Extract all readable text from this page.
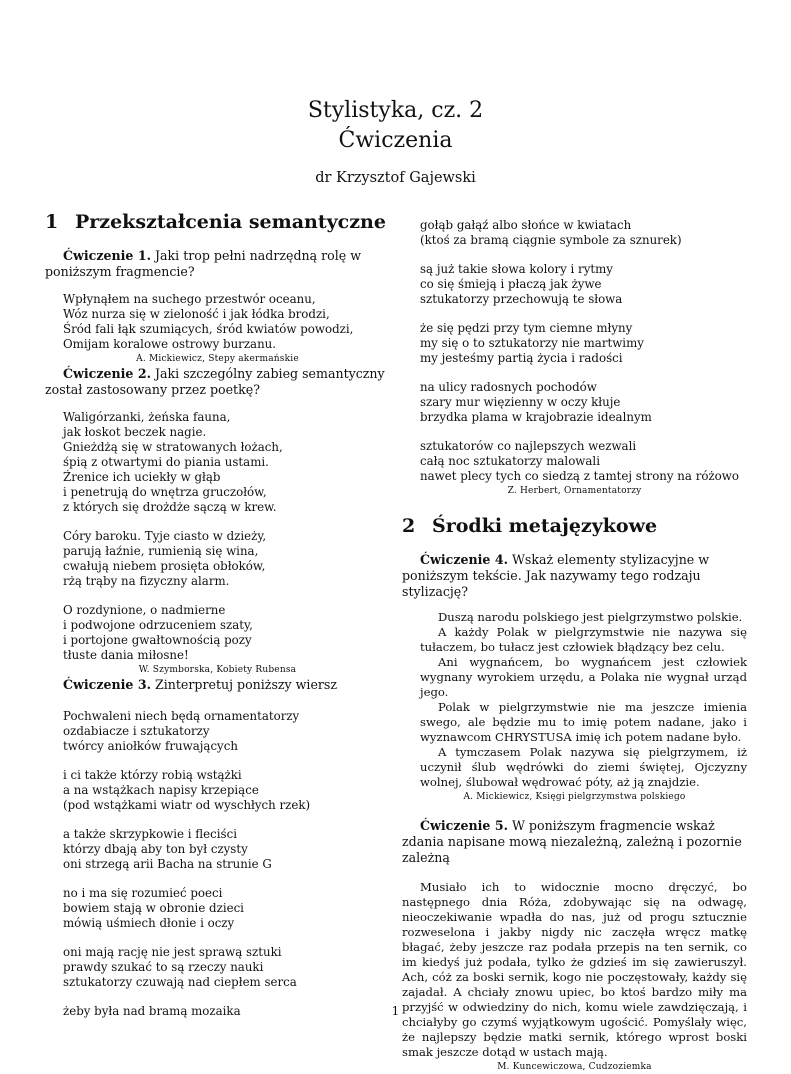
Stylistyka, cz. 2
Ćwiczenia
dr Krzysztof Gajewski
1 Przekształcenia semantyczne

Ćwiczenie 1. Jaki trop pełni nadrzędną rolę w poniższym fragmencie?

Wpłynąłem na suchego przestwór oceanu,
Wóz nurza się w zieloność i jak łódka brodzi,
Śród fali łąk szumiących, śród kwiatów powodzi,
Omijam koralowe ostrowy burzanu.
A. Mickiewicz, Stepy akermańskie

Ćwiczenie 2. Jaki szczególny zabieg semantyczny został zastosowany przez poetkę?

Waligórzanki, żeńska fauna,
jak łoskot beczek nagie.
Gnieżdżą się w stratowanych łożach,
śpią z otwartymi do piania ustami.
Źrenice ich uciekły w głąb
i penetrują do wnętrza gruczołów,
z których się drożdże sączą w krew.
Córy baroku. Tyje ciasto w dzieży,
parują łaźnie, rumienią się wina,
cwałują niebem prosięta obłoków,
rżą trąby na fizyczny alarm.
O rozdynione, o nadmierne
i podwojone odrzuceniem szaty,
i portojone gwałtownością pozy
tłuste dania miłosne!
W. Szymborska, Kobiety Rubensa

Ćwiczenie 3. Zinterpretuj poniższy wiersz

Pochwaleni niech będą ornamentatorzy
ozdabiacze i sztukatorzy
twórcy aniołków fruwających
i ci także którzy robią wstążki
a na wstążkach napisy krzepiące
(pod wstążkami wiatr od wyschłych rzek)
a także skrzypkowie i fleciści
którzy dbają aby ton był czysty
oni strzegą arii Bacha na strunie G
no i ma się rozumieć poeci
bowiem stają w obronie dzieci
mówią uśmiech dłonie i oczy
oni mają rację nie jest sprawą sztuki
prawdy szukać to są rzeczy nauki
sztukatorzy czuwają nad ciepłem serca
żeby była nad bramą mozaika
gołąb gałąź albo słońce w kwiatach
(ktoś za bramą ciągnie symbole za sznurek)
są już takie słowa kolory i rytmy
co się śmieją i płaczą jak żywe
sztukatorzy przechowują te słowa
że się pędzi przy tym ciemne młyny
my się o to sztukatorzy nie martwimy
my jesteśmy partią życia i radości
na ulicy radosnych pochodów
szary mur więzienny w oczy kłuje
brzydka plama w krajobrazie idealnym
sztukatorów co najlepszych wezwali
całą noc sztukatorzy malowali
nawet plecy tych co siedzą z tamtej strony na różowo
Z. Herbert, Ornamentatorzy
2 Środki metajęzykowe

Ćwiczenie 4. Wskaż elementy stylizacyjne w poniższym tekście. Jak nazywamy tego rodzaju stylizację?

Duszą narodu polskiego jest pielgrzymstwo polskie.

A każdy Polak w pielgrzymstwie nie nazywa się tułaczem, bo tułacz jest człowiek błądzący bez celu.

Ani wygnańcem, bo wygnańcem jest człowiek wygnany wyrokiem urzędu, a Polaka nie wygnał urząd jego.

Polak w pielgrzymstwie nie ma jeszcze imienia swego, ale będzie mu to imię potem nadane, jako i wyznawcom CHRYSTUSA imię ich potem nadane było.

A tymczasem Polak nazywa się pielgrzymem, iż uczynił ślub wędrówki do ziemi świętej, Ojczyzny wolnej, ślubował wędrować póty, aż ją znajdzie.

A. Mickiewicz, Księgi pielgrzymstwa polskiego

Ćwiczenie 5. W poniższym fragmencie wskaż zdania napisane mową niezależną, zależną i pozornie zależną

Musiało ich to widocznie mocno dręczyć, bo następnego dnia Róża, zdobywając się na odwagę, nieoczekiwanie wpadła do nas, już od progu sztucznie rozweselona i jakby nigdy nic zaczęła wręcz matkę błagać, żeby jeszcze raz podała przepis na ten sernik, co im kiedyś już podała, tylko że gdzieś im się zawieruszył. Ach, cóż za boski sernik, kogo nie poczęstowały, każdy się zajadał. A chciały znowu upiec, bo ktoś bardzo miły ma przyjść w odwiedziny do nich, komu wiele zawdzięczają, i chciałyby go czymś wyjątkowym ugościć. Pomyślały więc, że najlepszy będzie matki sernik, którego wprost boski smak jeszcze dotąd w ustach mają.

M. Kuncewiczowa, Cudzoziemka
1
